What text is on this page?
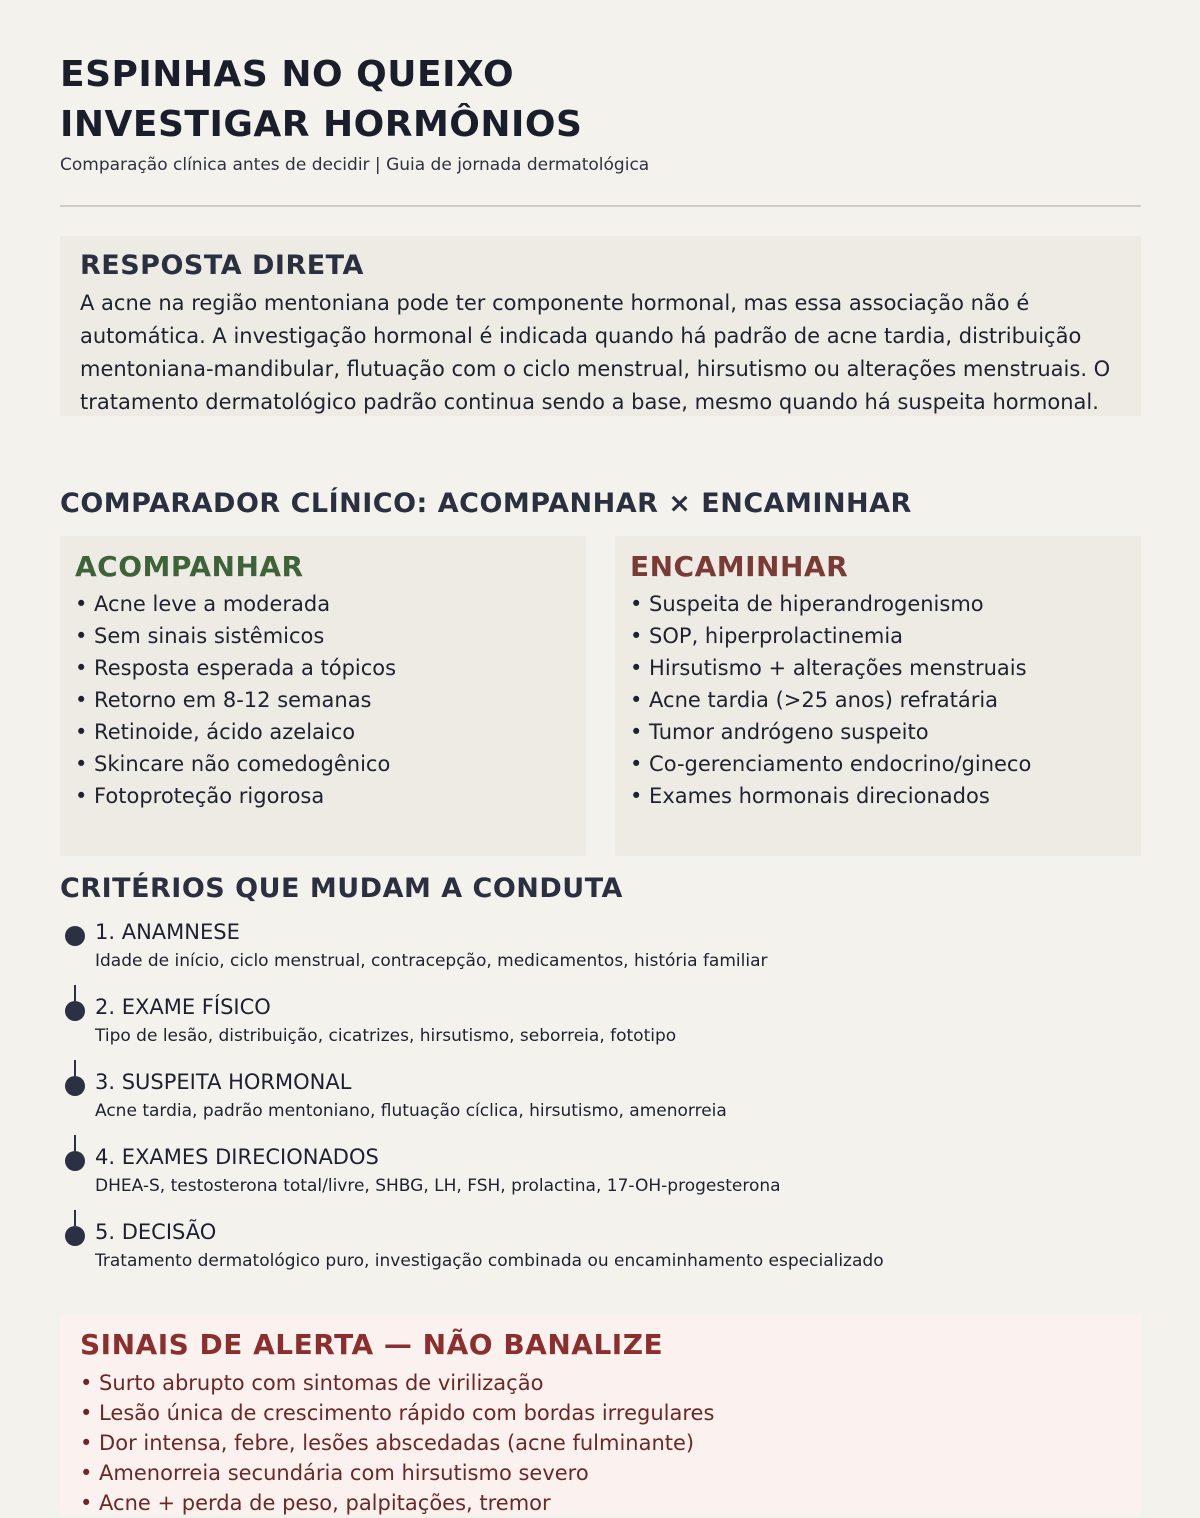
ESPINHAS NO QUEIXO
INVESTIGAR HORMÔNIOS
Comparação clínica antes de decidir | Guia de jornada dermatológica
RESPOSTA DIRETA

A acne na região mentoniana pode ter componente hormonal, mas essa associação não é automática. A investigação hormonal é indicada quando há padrão de acne tardia, distribuição mentoniana-mandibular, flutuação com o ciclo menstrual, hirsutismo ou alterações menstruais. O tratamento dermatológico padrão continua sendo a base, mesmo quando há suspeita hormonal.

COMPARADOR CLÍNICO: ACOMPANHAR × ENCAMINHAR
ACOMPANHAR
• Acne leve a moderada
• Sem sinais sistêmicos
• Resposta esperada a tópicos
• Retorno em 8-12 semanas
• Retinoide, ácido azelaico
• Skincare não comedogênico
• Fotoproteção rigorosa
ENCAMINHAR
• Suspeita de hiperandrogenismo
• SOP, hiperprolactinemia
• Hirsutismo + alterações menstruais
• Acne tardia (>25 anos) refratária
• Tumor andrógeno suspeito
• Co-gerenciamento endocrino/gineco
• Exames hormonais direcionados
CRITÉRIOS QUE MUDAM A CONDUTA
1. ANAMNESE
Idade de início, ciclo menstrual, contracepção, medicamentos, história familiar
2. EXAME FÍSICO
Tipo de lesão, distribuição, cicatrizes, hirsutismo, seborreia, fototipo
3. SUSPEITA HORMONAL
Acne tardia, padrão mentoniano, flutuação cíclica, hirsutismo, amenorreia
4. EXAMES DIRECIONADOS
DHEA-S, testosterona total/livre, SHBG, LH, FSH, prolactina, 17-OH-progesterona
5. DECISÃO
Tratamento dermatológico puro, investigação combinada ou encaminhamento especializado
SINAIS DE ALERTA — NÃO BANALIZE
• Surto abrupto com sintomas de virilização
• Lesão única de crescimento rápido com bordas irregulares
• Dor intensa, febre, lesões abscedadas (acne fulminante)
• Amenorreia secundária com hirsutismo severo
• Acne + perda de peso, palpitações, tremor
